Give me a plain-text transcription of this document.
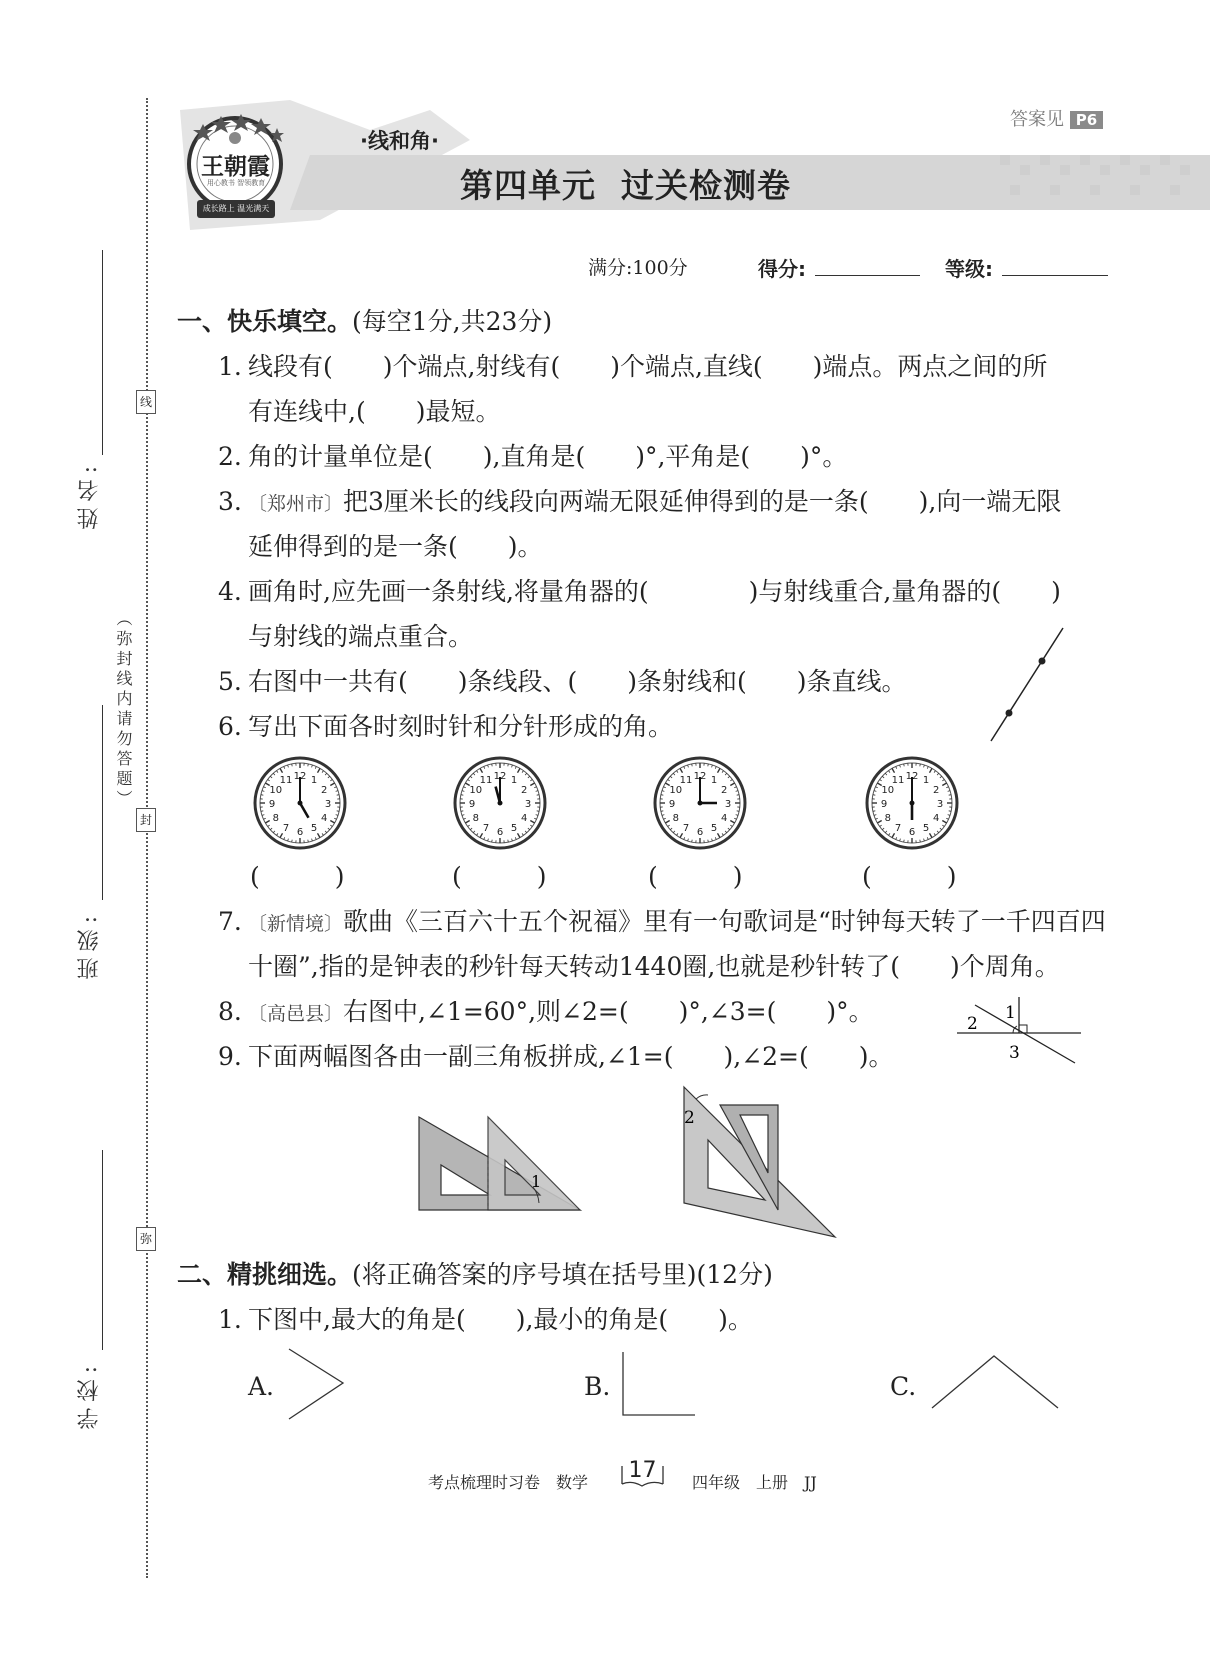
线
封
弥
（弥封线内请勿答题）
姓名:
班级:
学校:
王朝霞
用心教书 智领教育
成长路上 温光满天
·线和角·
第四单元  过关检测卷
答案见 P6
满分:100分	得分:	等级:
一、快乐填空。(每空1分,共23分)
1. 线段有(　　)个端点,射线有(　　)个端点,直线(　　)端点。两点之间的所
有连线中,(　　)最短。
2. 角的计量单位是(　　),直角是(　　)°,平角是(　　)°。
3. 〔郑州市〕把3厘米长的线段向两端无限延伸得到的是一条(　　),向一端无限
延伸得到的是一条(　　)。
4. 画角时,应先画一条射线,将量角器的(　　　　)与射线重合,量角器的(　　)
与射线的端点重合。
5. 右图中一共有(　　)条线段、(　　)条射线和(　　)条直线。
6. 写出下面各时刻时针和分针形成的角。
1
2
3
4
5
6
7
8
9
10
11 12	1
2
3
4
5
6
7
8
9
10
11 12	1
2
3
4
5
6
7
8
9
10
11 12	1
2
3
4
5
6
7
8
9
10
11 12
(　　　)	(　　　)	(　　　)	(　　　)
7. 〔新情境〕歌曲《三百六十五个祝福》里有一句歌词是“时钟每天转了一千四百四
十圈”,指的是钟表的秒针每天转动1440圈,也就是秒针转了(　　)个周角。
8. 〔高邑县〕右图中,∠1=60°,则∠2=(　　)°,∠3=(　　)°。	1
2
3
9. 下面两幅图各由一副三角板拼成,∠1=(　　),∠2=(　　)。
1
2
二、精挑细选。(将正确答案的序号填在括号里)(12分)
1. 下图中,最大的角是(　　),最小的角是(　　)。
A.	B.	C.
考点梳理时习卷　数学	17	四年级　上册　JJ
